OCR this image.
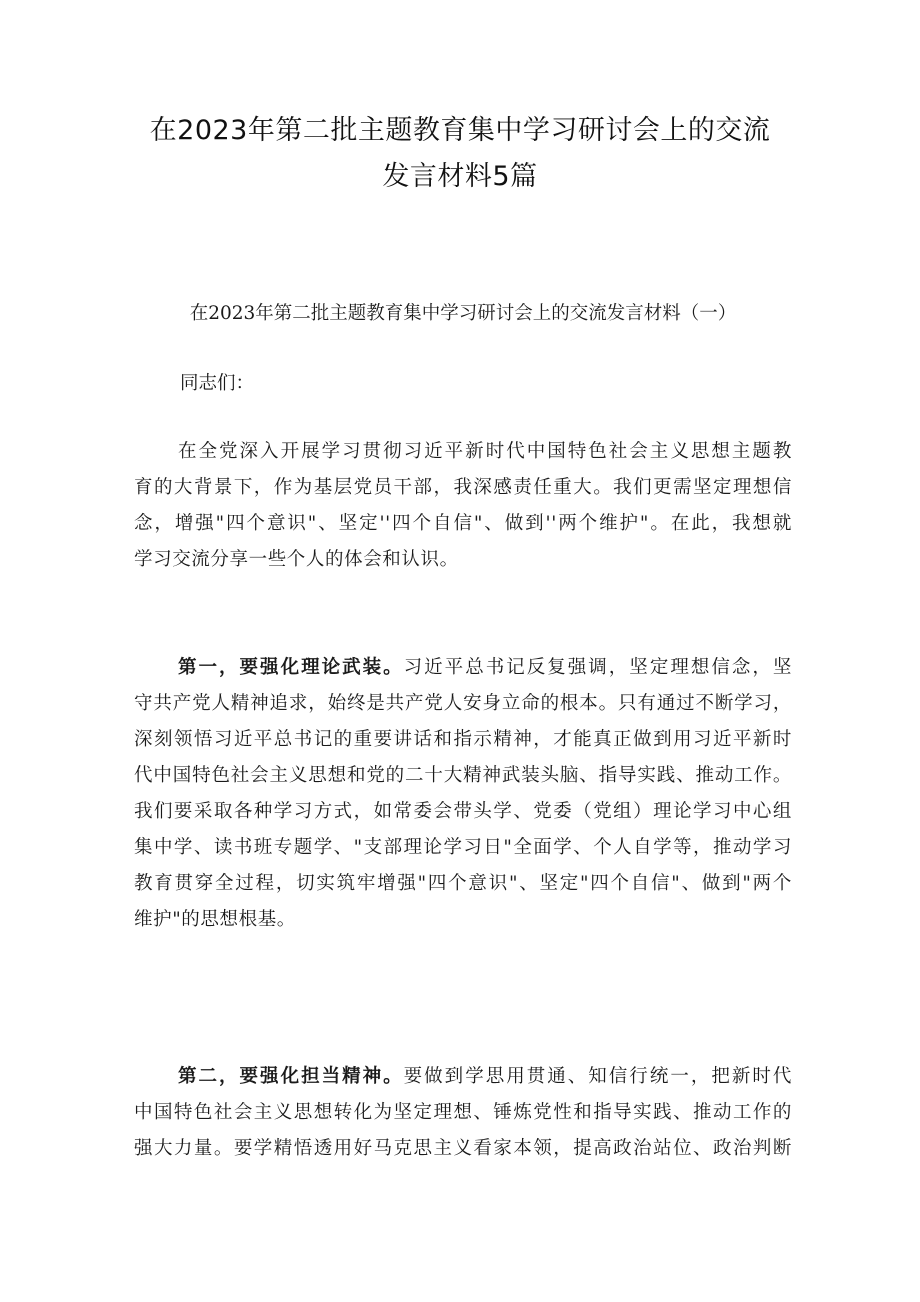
在2023年第二批主题教育集中学习研讨会上的交流
发言材料5篇
在2023年第二批主题教育集中学习研讨会上的交流发言材料（一）
同志们：
在全党深入开展学习贯彻习近平新时代中国特色社会主义思想主题教
育的大背景下，作为基层党员干部，我深感责任重大。我们更需坚定理想信
念，增强"四个意识"、坚定''四个自信"、做到''两个维护"。在此，我想就
学习交流分享一些个人的体会和认识。
第一，要强化理论武装。习近平总书记反复强调，坚定理想信念，坚
守共产党人精神追求，始终是共产党人安身立命的根本。只有通过不断学习，
深刻领悟习近平总书记的重要讲话和指示精神，才能真正做到用习近平新时
代中国特色社会主义思想和党的二十大精神武装头脑、指导实践、推动工作。
我们要采取各种学习方式，如常委会带头学、党委（党组）理论学习中心组
集中学、读书班专题学、"支部理论学习日"全面学、个人自学等，推动学习
教育贯穿全过程，切实筑牢增强"四个意识"、坚定"四个自信"、做到"两个
维护"的思想根基。
第二，要强化担当精神。要做到学思用贯通、知信行统一，把新时代
中国特色社会主义思想转化为坚定理想、锤炼党性和指导实践、推动工作的
强大力量。要学精悟透用好马克思主义看家本领，提高政治站位、政治判断
